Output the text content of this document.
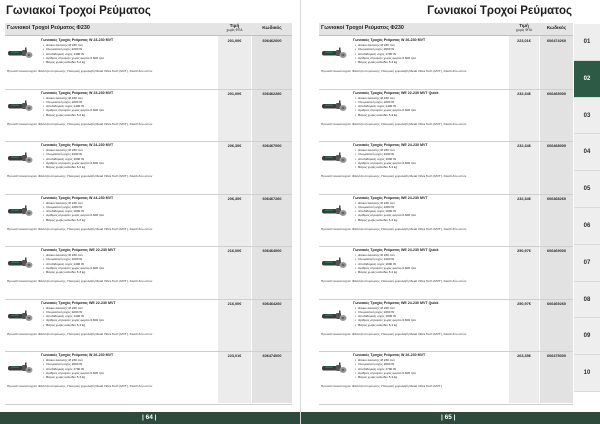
Γωνιακοί Τροχοί Ρεύματος
Γωνιακοί Τροχοί Ρεύματος Φ230	Τιμή
χωρίς ΦΠΑ	Κωδικός
Γωνιακός Τροχός Ρεύματος W 23-230 MVT
▪ Δίσκοι λείανσης Ø 230 mm
▪ Ονομαστική ισχύς 2200 W
▪ Αποδιδόμενη ισχύς 1400 W
▪ Αριθμός στροφών χωρίς φορτίο 6.600 rpm
▪ Βάρος χωρίς καλώδιο 5.2 kg
Προσαπτονιοστοιχεία: Φλάντζα στερέωσης, Πλευρική χειρολαβή Metal Vibra Tech (MVT), Κλειδί δύο οπών
201,00€	606462000
Γωνιακός Τροχός Ρεύματος W 23-230 MVT
▪ Δίσκοι λείανσης Ø 230 mm
▪ Ονομαστική ισχύς 2200 W
▪ Αποδιδόμενη ισχύς 1400 W
▪ Αριθμός στροφών χωρίς φορτίο 6.600 rpm
▪ Βάρος χωρίς καλώδιο 5.2 kg
Προσαπτονιοστοιχεία: Φλάντζα στερέωσης, Πλευρική χειρολαβή Metal Vibra Tech (MVT), Κλειδί δύο οπών
201,00€	606462260
Γωνιακός Τροχός Ρεύματος W 24-230 MVT
▪ Δίσκοι λείανσης Ø 230 mm
▪ Ονομαστική ισχύς 2400 W
▪ Αποδιδόμενη ισχύς 1600 W
▪ Αριθμός στροφών χωρίς φορτίο 6.600 rpm
▪ Βάρος χωρίς καλώδιο 5.2 kg
Προσαπτονιοστοιχεία: Φλάντζα στερέωσης, Πλευρική χειρολαβή Metal Vibra Tech (MVT), Κλειδί δύο οπών
206,30€	606467000
Γωνιακός Τροχός Ρεύματος W 24-230 MVT
▪ Δίσκοι λείανσης Ø 230 mm
▪ Ονομαστική ισχύς 2400 W
▪ Αποδιδόμενη ισχύς 1600 W
▪ Αριθμός στροφών χωρίς φορτίο 6.600 rpm
▪ Βάρος χωρίς καλώδιο 5.2 kg
Προσαπτονιοστοιχεία: Φλάντζα στερέωσης, Πλευρική χειρολαβή Metal Vibra Tech (MVT), Κλειδί δύο οπών
206,30€	606467260
Γωνιακός Τροχός Ρεύματος WE 22-230 MVT
▪ Δίσκοι λείανσης Ø 230 mm
▪ Ονομαστική ισχύς 2200 W
▪ Αποδιδόμενη ισχύς 1400 W
▪ Αριθμός στροφών χωρίς φορτίο 6.600 rpm
▪ Βάρος χωρίς καλώδιο 5.3 kg
Προσαπτονιοστοιχεία: Φλάντζα στερέωσης, Πλευρική χειρολαβή Metal Vibra Tech (MVT), Κλειδί δύο οπών
216,00€	606464000
Γωνιακός Τροχός Ρεύματος WE 22-230 MVT
▪ Δίσκοι λείανσης Ø 230 mm
▪ Ονομαστική ισχύς 2200 W
▪ Αποδιδόμενη ισχύς 1400 W
▪ Αριθμός στροφών χωρίς φορτίο 6.600 rpm
▪ Βάρος χωρίς καλώδιο 5.3 kg
Προσαπτονιοστοιχεία: Φλάντζα στερέωσης, Πλευρική χειρολαβή Metal Vibra Tech (MVT), Κλειδί δύο οπών
216,00€	606464260
Γωνιακός Τροχός Ρεύματος W 26-230 MVT
▪ Δίσκοι λείανσης Ø 230 mm
▪ Ονομαστική ισχύς 2600 W
▪ Αποδιδόμενη ισχύς 1700 W
▪ Αριθμός στροφών χωρίς φορτίο 6.600 rpm
▪ Βάρος χωρίς καλώδιο 5.3 kg
Προσαπτονιοστοιχεία: Φλάντζα στερέωσης, Πλευρική χειρολαβή Metal Vibra Tech (MVT), Κλειδί δύο οπών
223,01€	606474000
| 64 |
Γωνιακοί Τροχοί Ρεύματος
Γωνιακοί Τροχοί Ρεύματος Φ230	Τιμή
χωρίς ΦΠΑ	Κωδικός
Γωνιακός Τροχός Ρεύματος W 26-230 MVT
▪ Δίσκοι λείανσης Ø 230 mm
▪ Ονομαστική ισχύς 2600 W
▪ Αποδιδόμενη ισχύς 1700 W
▪ Αριθμός στροφών χωρίς φορτίο 6.600 rpm
▪ Βάρος χωρίς καλώδιο 5.3 kg
Προσαπτονιοστοιχεία: Φλάντζα στερέωσης, Πλευρική χειρολαβή Metal Vibra Tech (MVT), Κλειδί δύο οπών
223,01€	606474260
Γωνιακός Τροχός Ρεύματος WE 22-230 MVT Quick
▪ Δίσκοι λείανσης Ø 230 mm
▪ Ονομαστική ισχύς 2200 W
▪ Αποδιδόμενη ισχύς 1400 W
▪ Αριθμός στροφών χωρίς φορτίο 6.600 rpm
▪ Βάρος χωρίς καλώδιο 5.4 kg
Προσαπτονιοστοιχεία: Φλάντζα στερέωσης, Πλευρική χειρολαβή Metal Vibra Tech (MVT), Κλειδί δύο οπών
232,34€	606465000
Γωνιακός Τροχός Ρεύματος WE 24-230 MVT
▪ Δίσκοι λείανσης Ø 230 mm
▪ Ονομαστική ισχύς 2400 W
▪ Αποδιδόμενη ισχύς 1600 W
▪ Αριθμός στροφών χωρίς φορτίο 6.600 rpm
▪ Βάρος χωρίς καλώδιο 5.4 kg
Προσαπτονιοστοιχεία: Φλάντζα στερέωσης, Πλευρική χειρολαβή Metal Vibra Tech (MVT), Κλειδί δύο οπών
232,34€	606468000
Γωνιακός Τροχός Ρεύματος WE 24-230 MVT
▪ Δίσκοι λείανσης Ø 230 mm
▪ Ονομαστική ισχύς 2400 W
▪ Αποδιδόμενη ισχύς 1600 W
▪ Αριθμός στροφών χωρίς φορτίο 6.600 rpm
▪ Βάρος χωρίς καλώδιο 5.4 kg
Προσαπτονιοστοιχεία: Φλάντζα στερέωσης, Πλευρική χειρολαβή Metal Vibra Tech (MVT), Κλειδί δύο οπών
232,34€	606468260
Γωνιακός Τροχός Ρεύματος WE 24-230 MVT Quick
▪ Δίσκοι λείανσης Ø 230 mm
▪ Ονομαστική ισχύς 2400 W
▪ Αποδιδόμενη ισχύς 1600 W
▪ Αριθμός στροφών χωρίς φορτίο 6.600 rpm
▪ Βάρος χωρίς καλώδιο 5.4 kg
Προσαπτονιοστοιχεία: Φλάντζα στερέωσης, Πλευρική χειρολαβή Metal Vibra Tech (MVT), Κλειδί δύο οπών
250,97€	606469000
Γωνιακός Τροχός Ρεύματος WE 24-230 MVT Quick
▪ Δίσκοι λείανσης Ø 230 mm
▪ Ονομαστική ισχύς 2400 W
▪ Αποδιδόμενη ισχύς 1600 W
▪ Αριθμός στροφών χωρίς φορτίο 6.600 rpm
▪ Βάρος χωρίς καλώδιο 5.4 kg
Προσαπτονιοστοιχεία: Φλάντζα στερέωσης, Πλευρική χειρολαβή Metal Vibra Tech (MVT), Κλειδί δύο οπών
250,97€	606469260
Γωνιακός Τροχός Ρεύματος W 26-230 MVT
▪ Δίσκοι λείανσης Ø 230 mm
▪ Ονομαστική ισχύς 2600 W
▪ Αποδιδόμενη ισχύς 1700 W
▪ Αριθμός στροφών χωρίς φορτίο 6.600 rpm
▪ Βάρος χωρίς καλώδιο 5.4 kg
Προσαπτονιοστοιχεία: Φλάντζα στερέωσης, Πλευρική χειρολαβή Metal Vibra Tech (MVT)
263,35€	606475000
01
02
03
04
05
06
07
08
09
10
| 65 |
